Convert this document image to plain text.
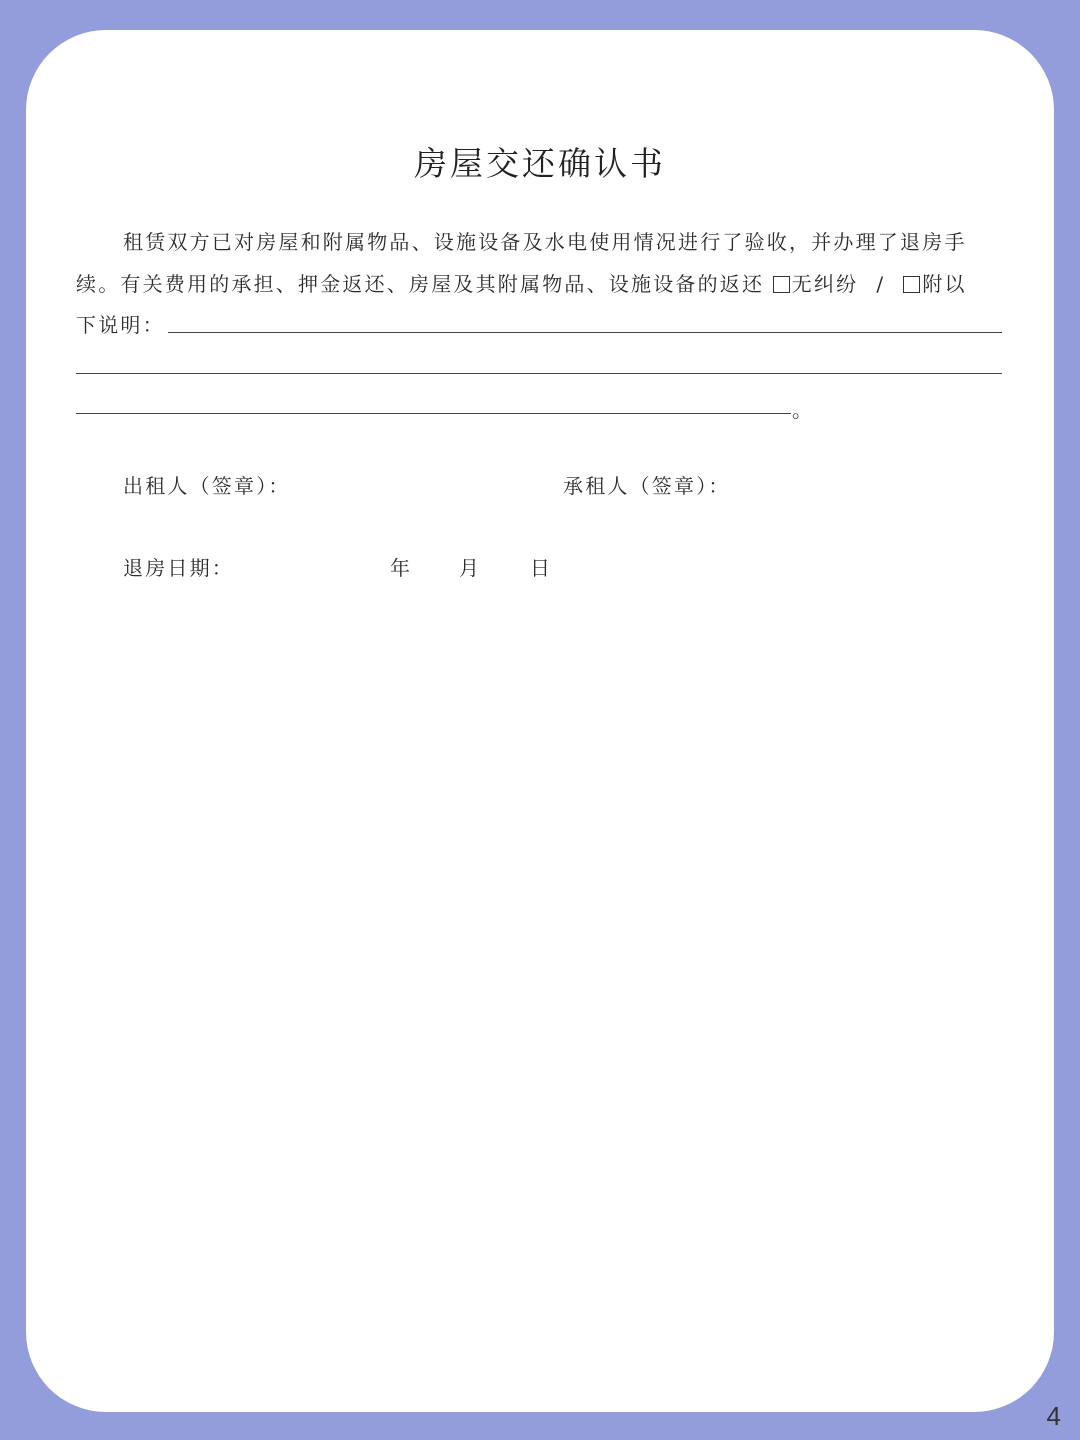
房屋交还确认书
租赁双方已对房屋和附属物品、设施设备及水电使用情况进行了验收，并办理了退房手
续。有关费用的承担、押金返还、房屋及其附属物品、设施设备的返还 无纠纷 / 附以
下说明：
。
出租人（签章）：	承租人（签章）：
退房日期：	年 月 日
4
